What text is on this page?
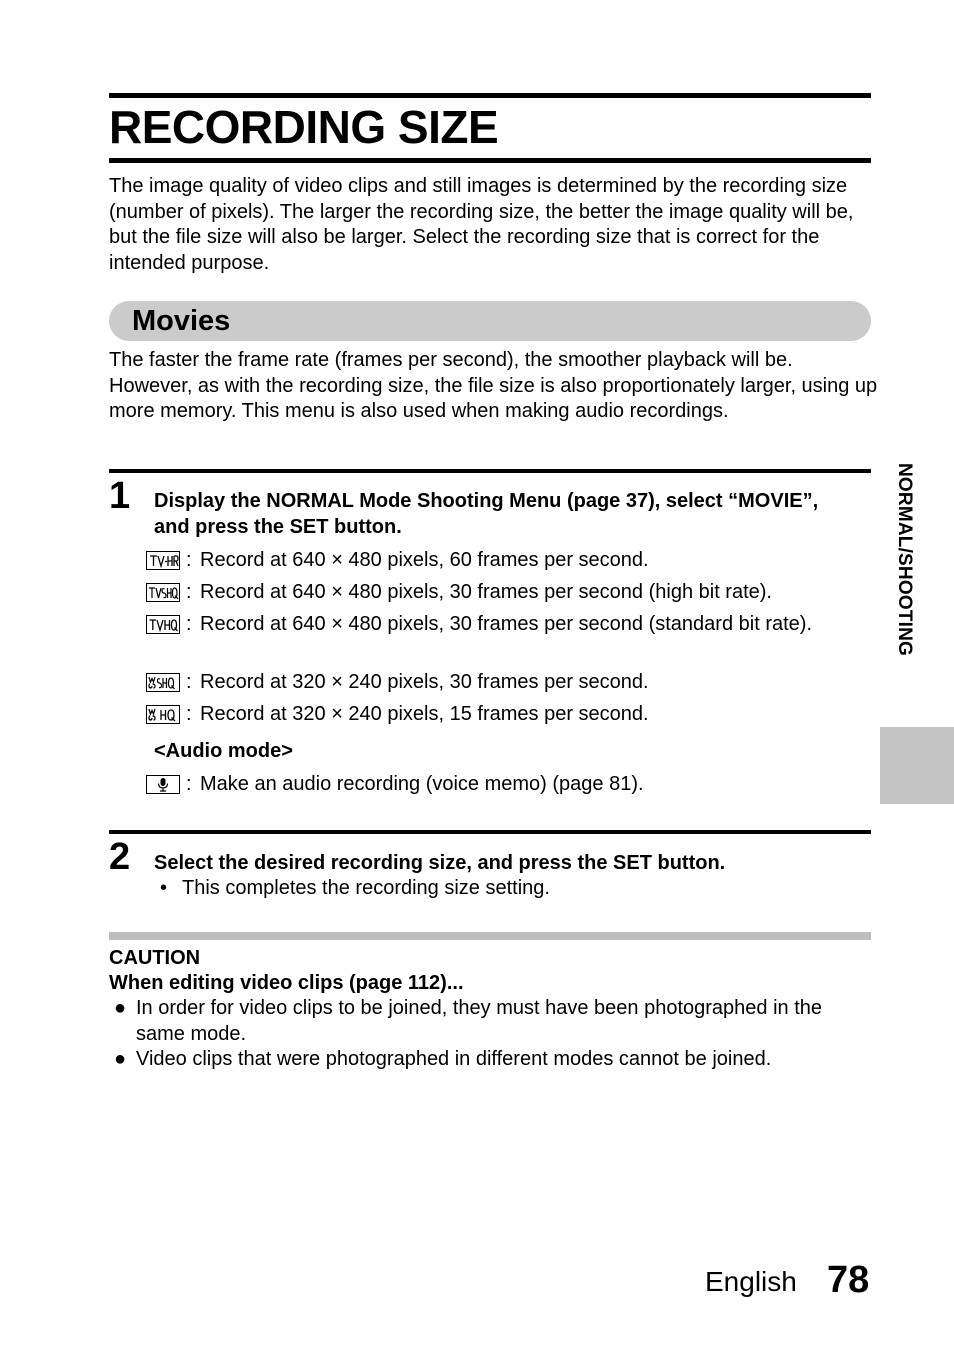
RECORDING SIZE

The image quality of video clips and still images is determined by the recording size (number of pixels). The larger the recording size, the better the image quality will be, but the file size will also be larger. Select the recording size that is correct for the intended purpose.

Movies

The faster the frame rate (frames per second), the smoother playback will be. However, as with the recording size, the file size is also proportionately larger, using up more memory. This menu is also used when making audio recordings.

1 Display the NORMAL Mode Shooting Menu (page 37), select “MOVIE”, and press the SET button.

: Record at 640 × 480 pixels, 60 frames per second.
: Record at 640 × 480 pixels, 30 frames per second (high bit rate).
: Record at 640 × 480 pixels, 30 frames per second (standard bit rate).
: Record at 320 × 240 pixels, 30 frames per second.
: Record at 320 × 240 pixels, 15 frames per second.

<Audio mode>

: Make an audio recording (voice memo) (page 81).
2 Select the desired recording size, and press the SET button.

• This completes the recording size setting.

CAUTION

When editing video clips (page 112)...

● In order for video clips to be joined, they must have been photographed in the same mode.
● Video clips that were photographed in different modes cannot be joined.
NORMAL/SHOOTING
English 78
